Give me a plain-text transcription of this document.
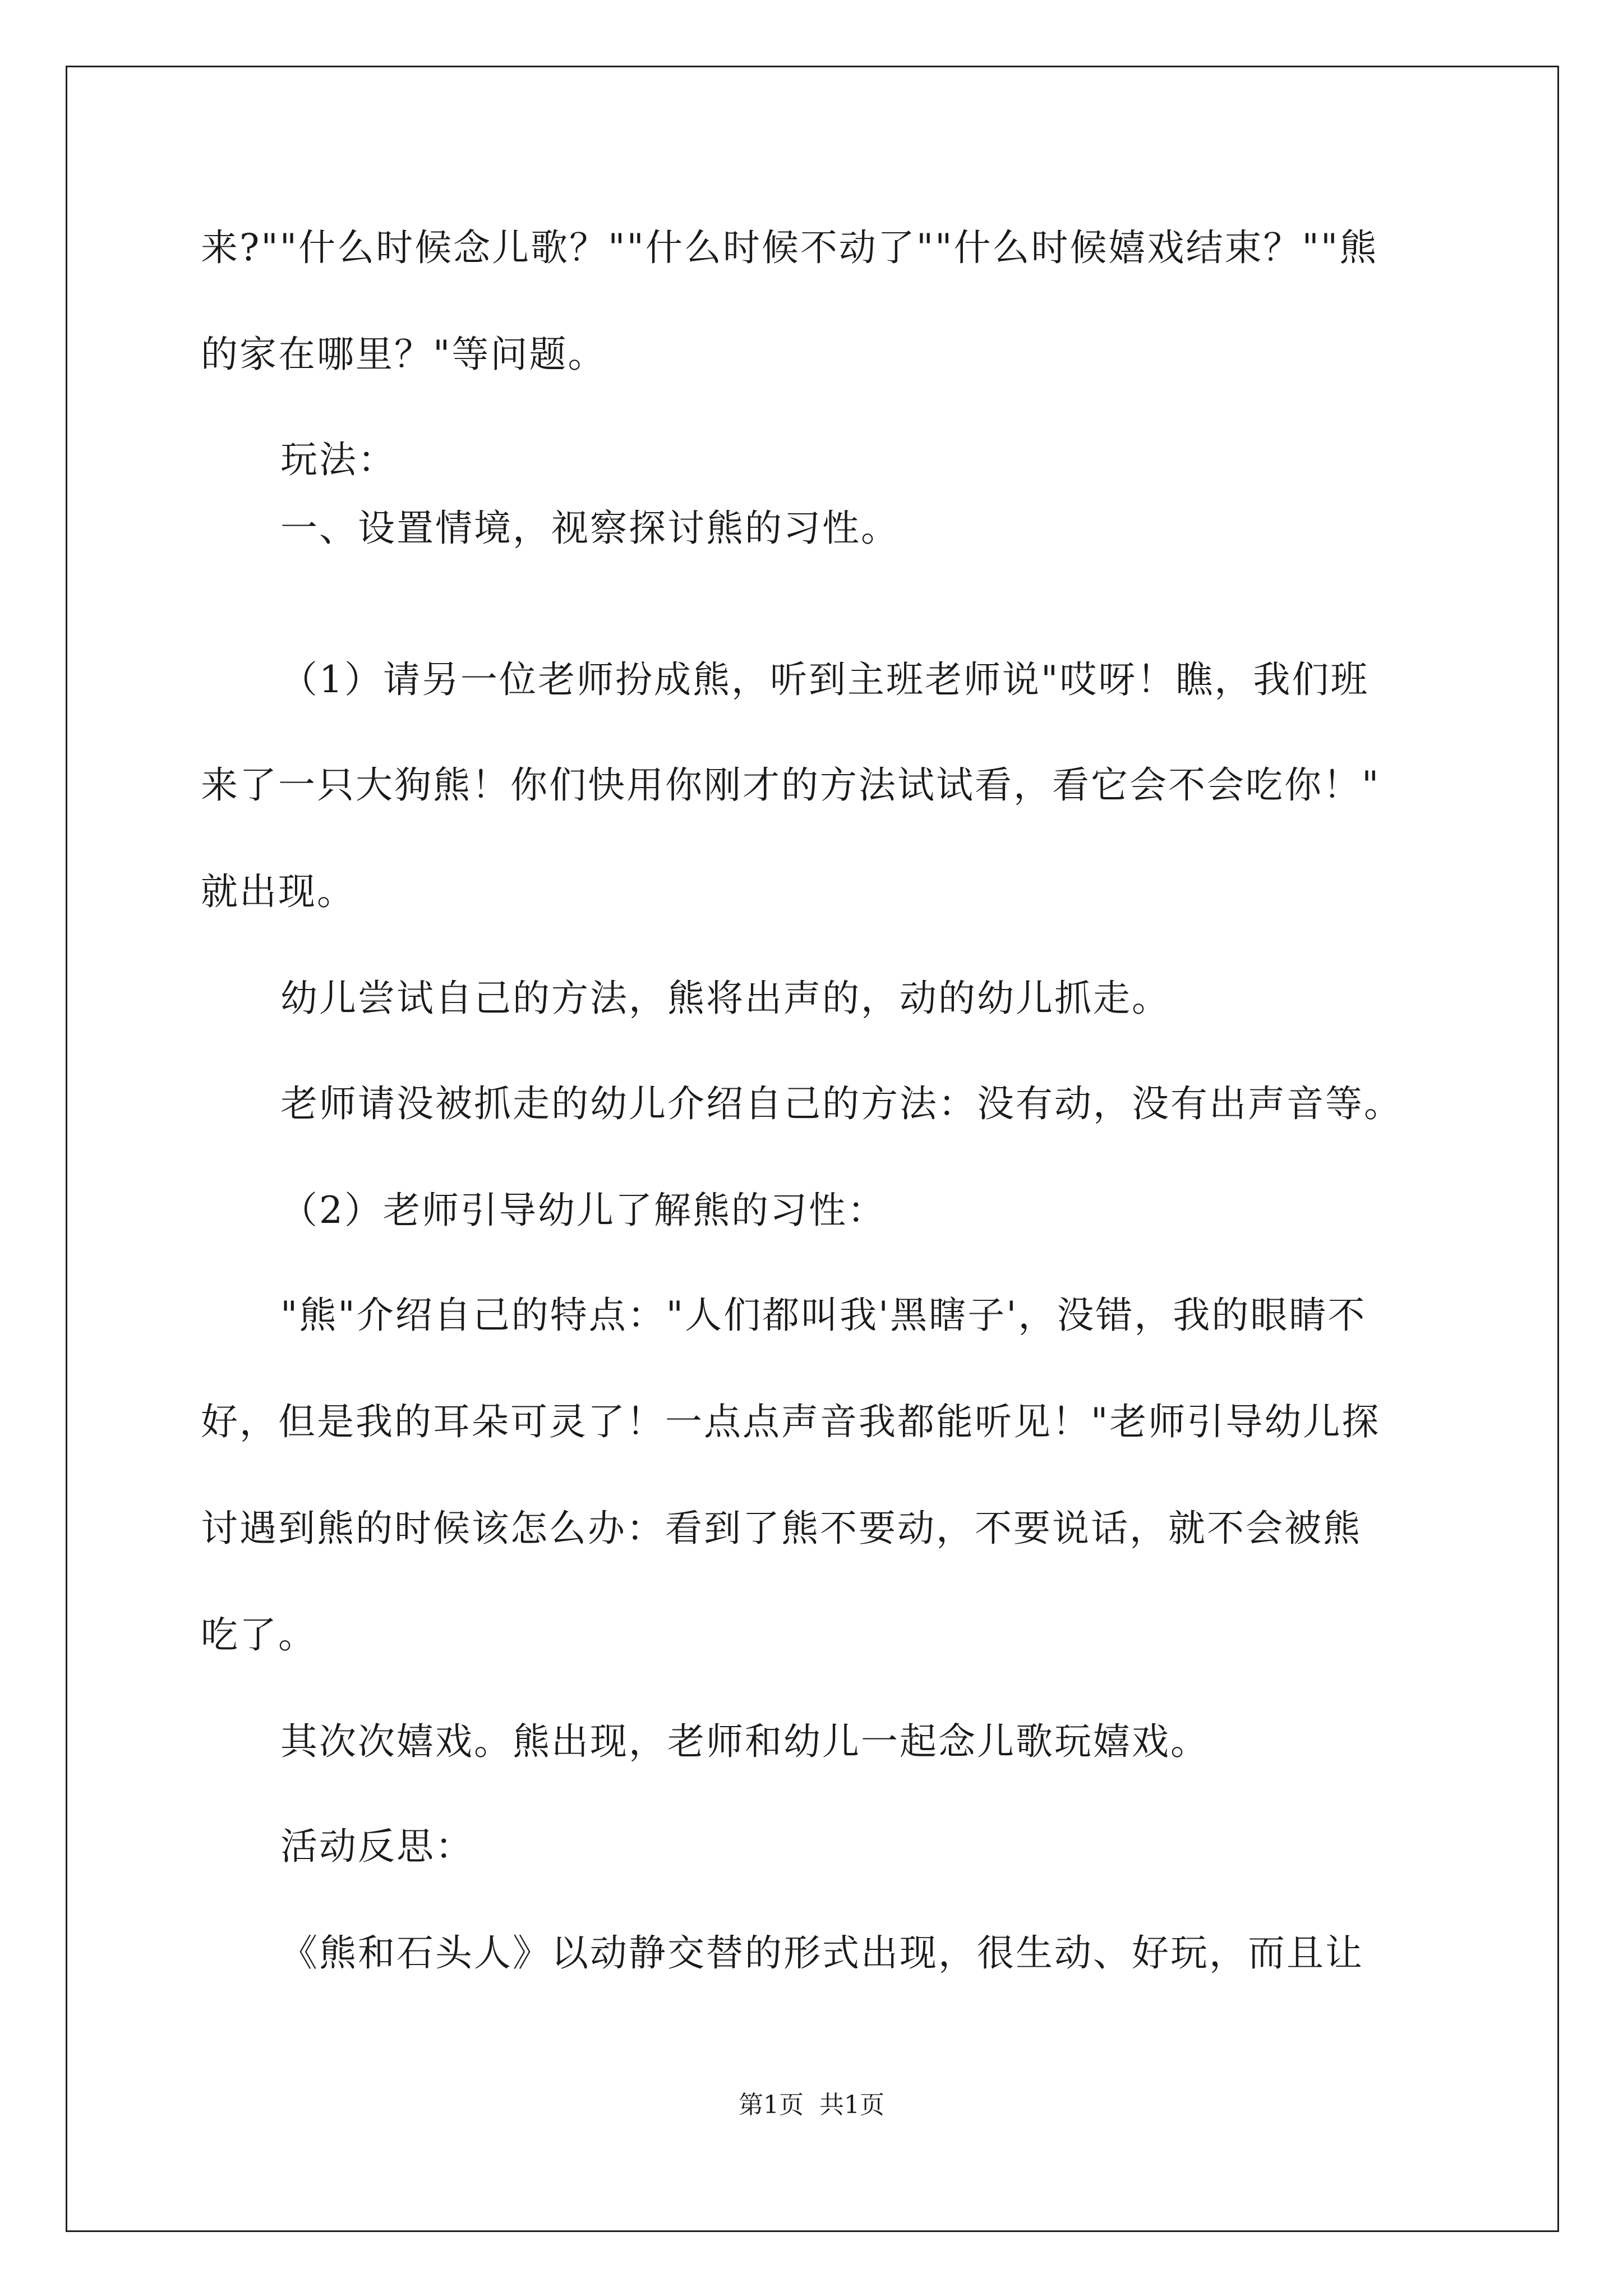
来?""什么时候念儿歌？""什么时候不动了""什么时候嬉戏结束？""熊
的家在哪里？"等问题。
玩法：
一、设置情境，视察探讨熊的习性。
（1）请另一位老师扮成熊，听到主班老师说"哎呀！瞧，我们班
来了一只大狗熊！你们快用你刚才的方法试试看，看它会不会吃你！"
就出现。
幼儿尝试自己的方法，熊将出声的，动的幼儿抓走。
老师请没被抓走的幼儿介绍自己的方法：没有动，没有出声音等。
（2）老师引导幼儿了解熊的习性：
"熊"介绍自己的特点："人们都叫我'黑瞎子'，没错，我的眼睛不
好，但是我的耳朵可灵了！一点点声音我都能听见！"老师引导幼儿探
讨遇到熊的时候该怎么办：看到了熊不要动，不要说话，就不会被熊
吃了。
其次次嬉戏。熊出现，老师和幼儿一起念儿歌玩嬉戏。
活动反思：
《熊和石头人》以动静交替的形式出现，很生动、好玩，而且让
第1页  共1页
